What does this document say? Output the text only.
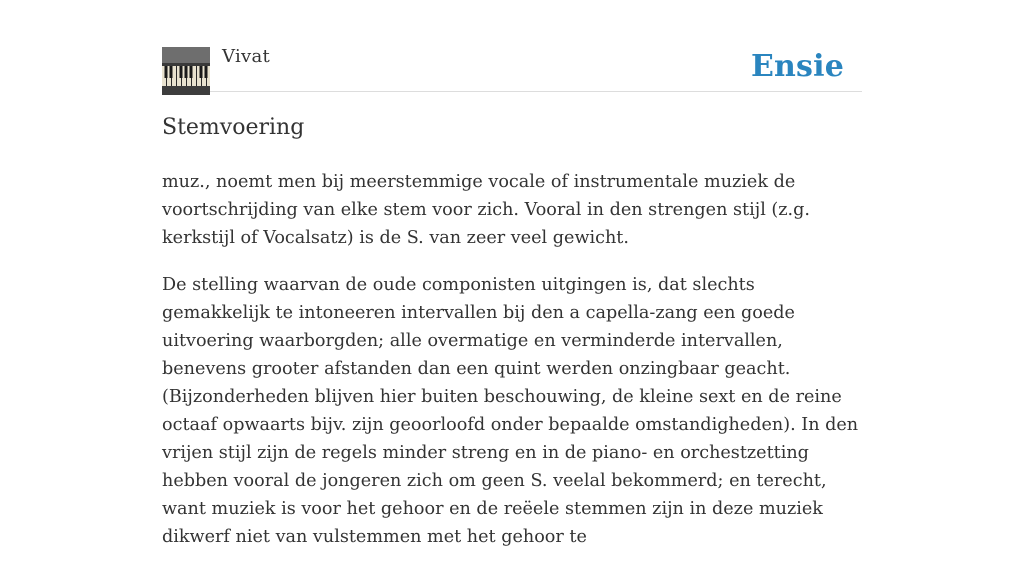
Vivat	Ensie
Stemvoering

muz., noemt men bij meerstemmige vocale of instrumentale muziek de voortschrijding van elke stem voor zich. Vooral in den strengen stijl (z.g. kerkstijl of Vocalsatz) is de S. van zeer veel gewicht.

De stelling waarvan de oude componisten uitgingen is, dat slechts gemakkelijk te intoneeren intervallen bij den a capella-zang een goede uitvoering waarborgden; alle overmatige en verminderde intervallen, benevens grooter afstanden dan een quint werden onzingbaar geacht. (Bijzonderheden blijven hier buiten beschouwing, de kleine sext en de reine octaaf opwaarts bijv. zijn geoorloofd onder bepaalde omstandigheden). In den vrijen stijl zijn de regels minder streng en in de piano- en orchestzetting hebben vooral de jongeren zich om geen S. veelal bekommerd; en terecht, want muziek is voor het gehoor en de reëele stemmen zijn in deze muziek dikwerf niet van vulstemmen met het gehoor te
